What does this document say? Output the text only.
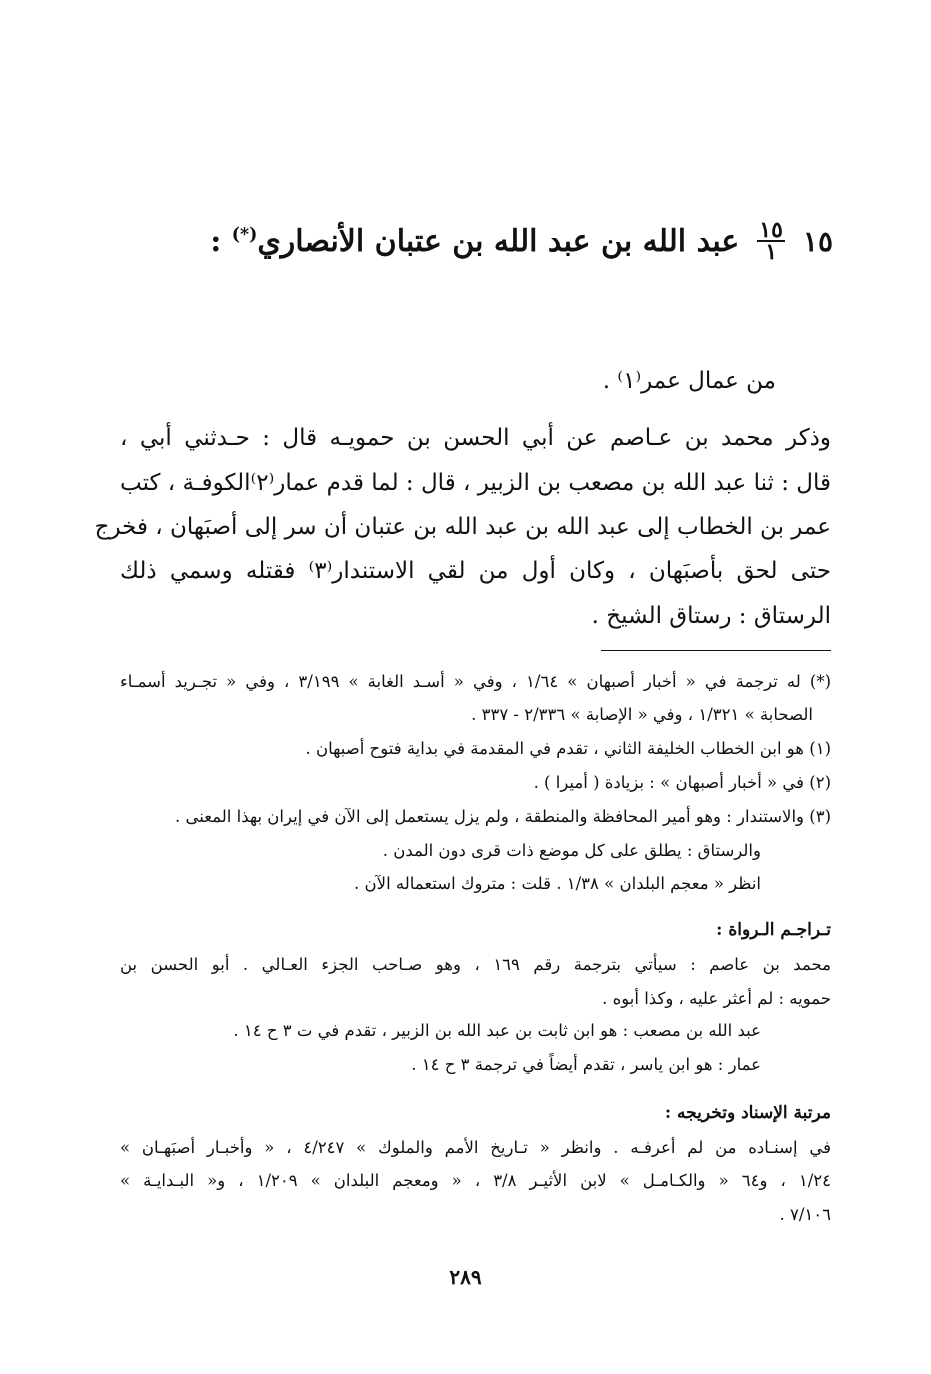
١٥
$\frac{١٥}{١}$
عبد الله بن عبد الله بن عتبان الأنصاري(*) :
من عمال عمر⁽١⁾ .
وذكر محمد بن عـاصم عن أبي الحسن بن حمويـه قال : حـدثني أبي ،
قال : ثنا عبد الله بن مصعب بن الزبير ، قال : لما قدم عمار⁽٢⁾الكوفـة ، كتب
عمر بن الخطاب إلى عبد الله بن عبد الله بن عتبان أن سر إلى أصبَهان ، فخرج
حتى لحق بأصبَهان ، وكان أول من لقي الاستندار⁽٣⁾ فقتله وسمي ذلك
الرستاق : رستاق الشيخ .
(*) له ترجمة في « أخبار أصبهان » ١/٦٤ ، وفي « أسـد الغابة » ٣/١٩٩ ، وفي « تجـريد أسمـاء
الصحابة » ١/٣٢١ ، وفي « الإصابة » ٢/٣٣٦ - ٣٣٧ .
(١) هو ابن الخطاب الخليفة الثاني ، تقدم في المقدمة في بداية فتوح أصبهان .
(٢) في « أخبار أصبهان » : بزيادة ( أميرا ) .
(٣) والاستندار : وهو أمير المحافظة والمنطقة ، ولم يزل يستعمل إلى الآن في إيران بهذا المعنى .
والرستاق : يطلق على كل موضع ذات قرى دون المدن .
انظر « معجم البلدان » ١/٣٨ . قلت : متروك استعماله الآن .
تـراجـم الـرواة :
محمد بن عاصم : سيأتي بترجمة رقم ١٦٩ ، وهو صـاحب الجزء العـالي . أبو الحسن بن
حمويه : لم أعثر عليه ، وكذا أبوه .
عبد الله بن مصعب : هو ابن ثابت بن عبد الله بن الزبير ، تقدم في ت ٣ ح ١٤ .
عمار : هو ابن ياسر ، تقدم أيضاً في ترجمة ٣ ح ١٤ .
مرتبة الإسناد وتخريجه :
في إسنـاده من لم أعرفـه . وانظر « تـاريخ الأمم والملوك » ٤/٢٤٧ ، « وأخبـار أصبَهـان »
١/٢٤ ، و٦٤ « والكـامـل » لابن الأثيـر ٣/٨ ، « ومعجم البلدان » ١/٢٠٩ ، و« البـدايـة »
٧/١٠٦ .
٢٨٩
